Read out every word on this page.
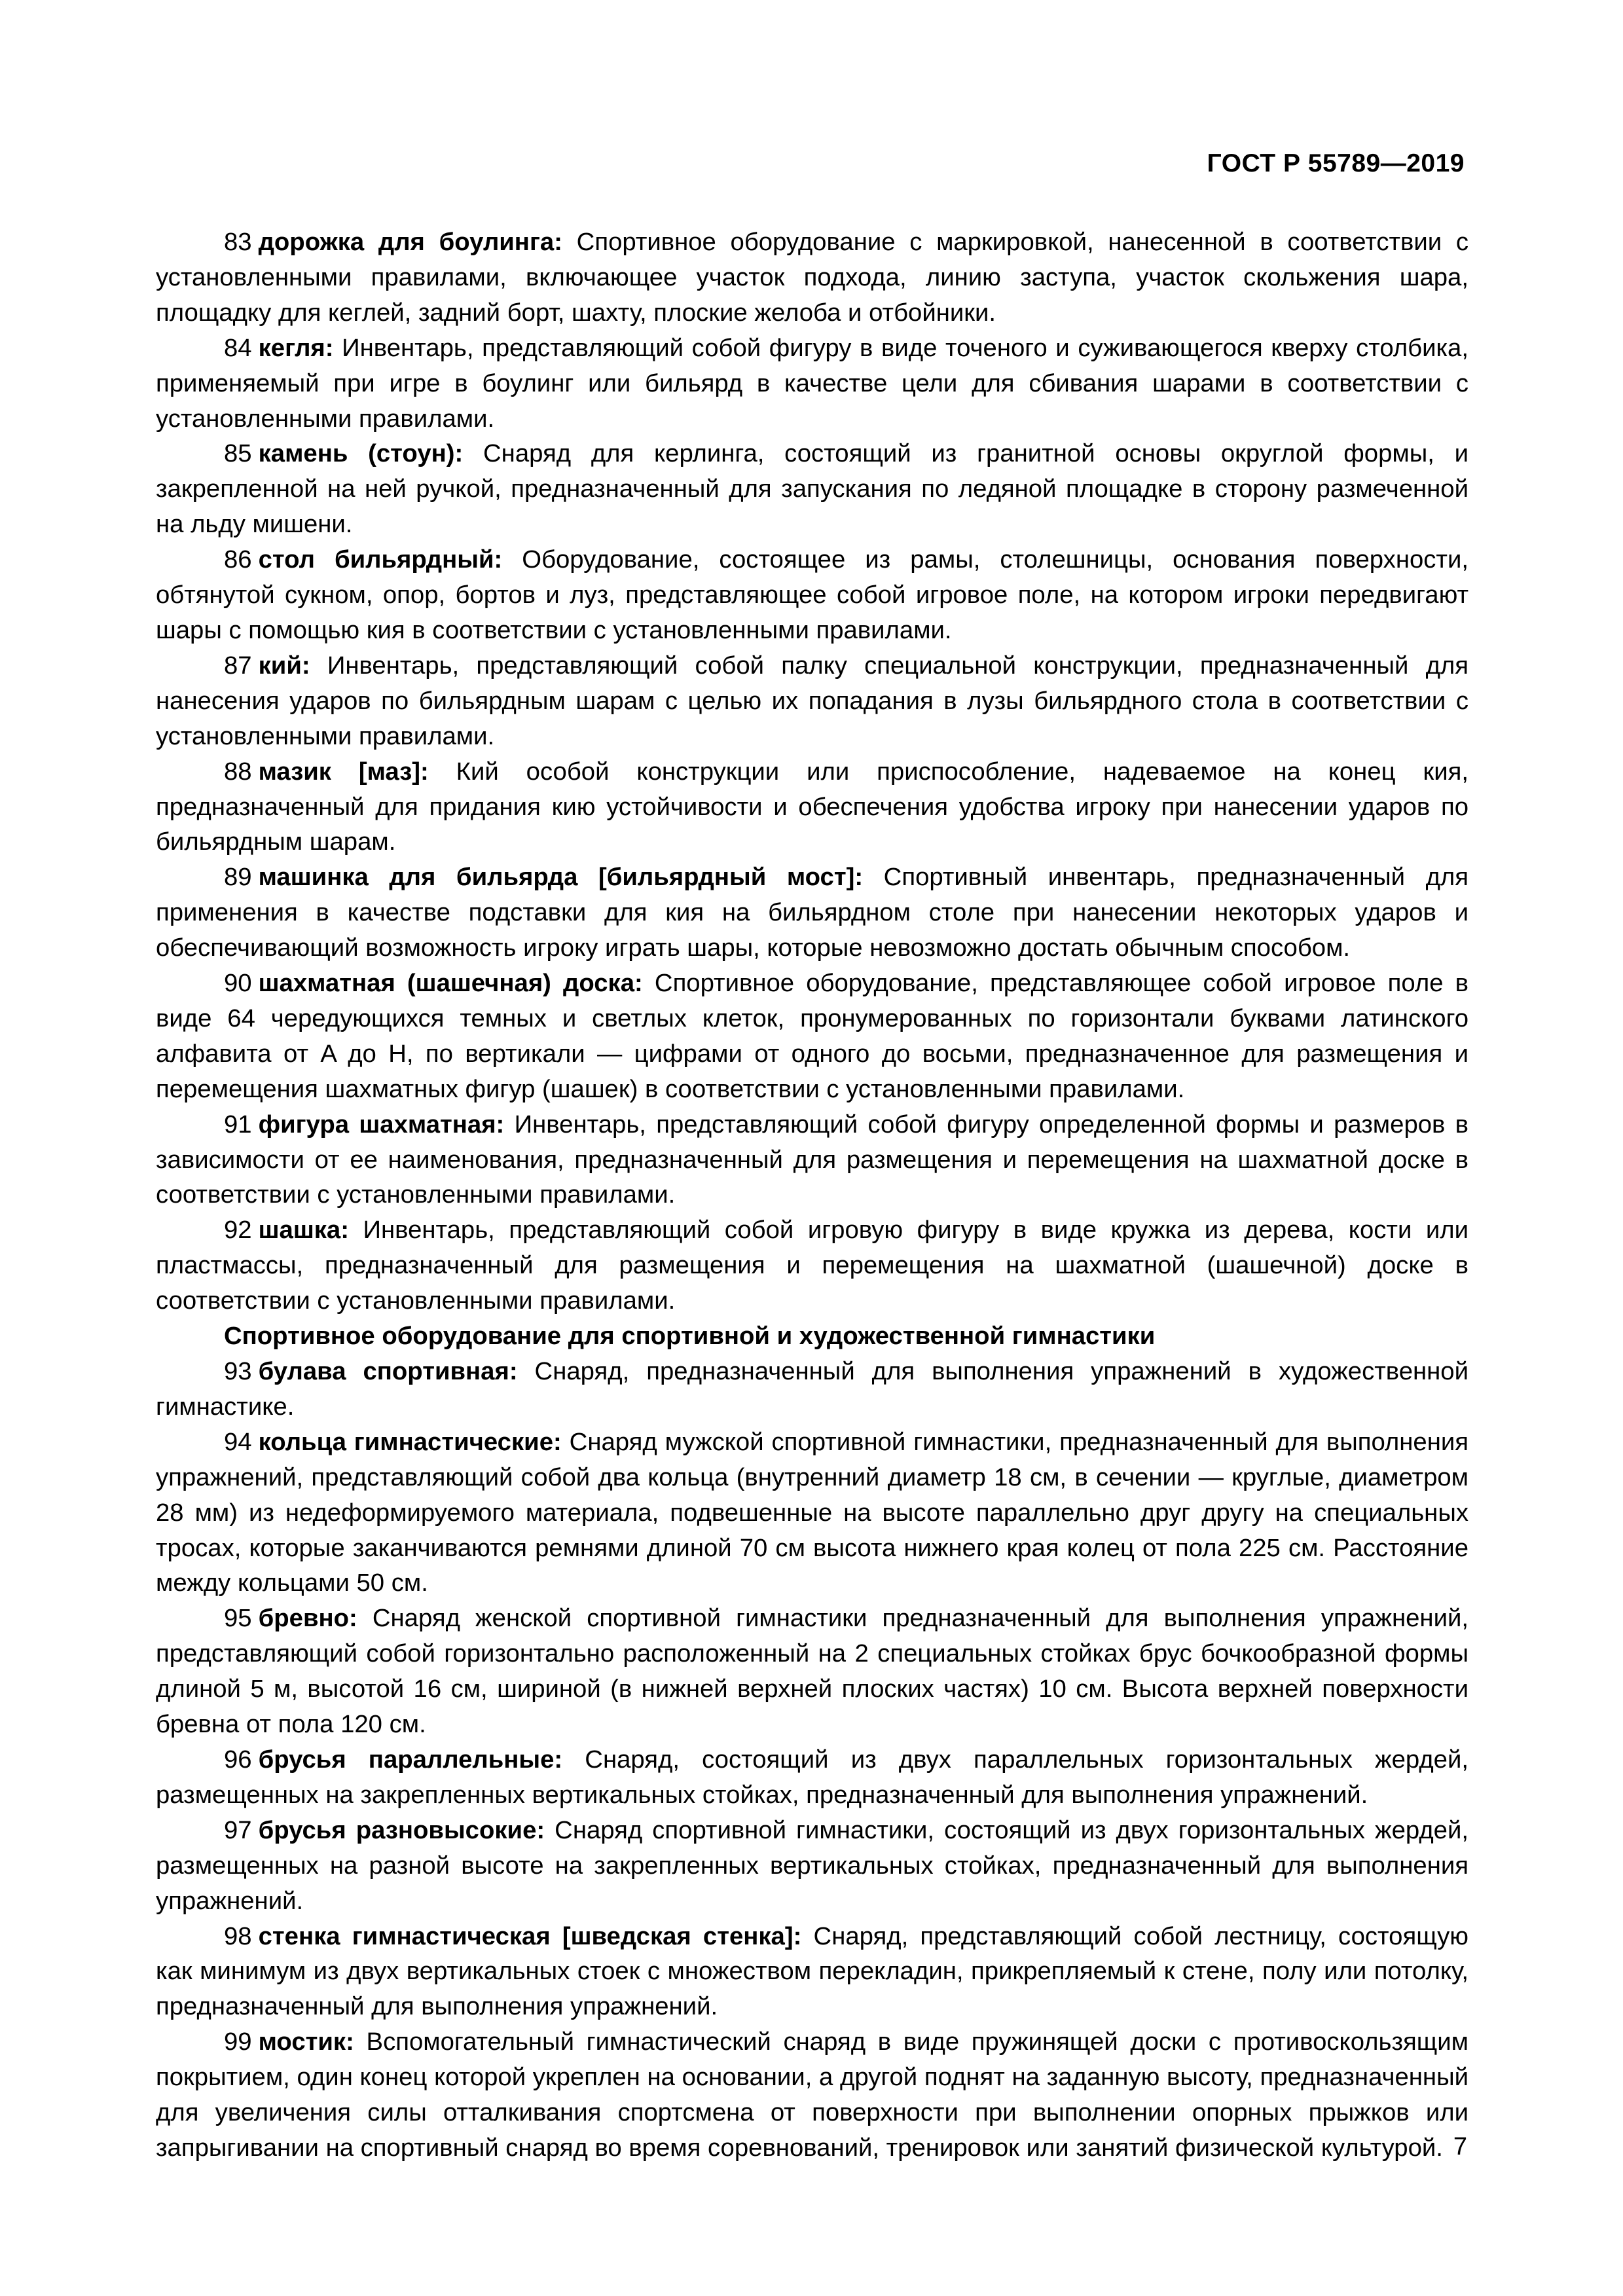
ГОСТ Р 55789—2019

83 дорожка для боулинга: Спортивное оборудование с маркировкой, нанесенной в соответствии с установленными правилами, включающее участок подхода, линию заступа, участок скольжения шара, площадку для кеглей, задний борт, шахту, плоские желоба и отбойники.

84 кегля: Инвентарь, представляющий собой фигуру в виде точеного и суживающегося кверху столбика, применяемый при игре в боулинг или бильярд в качестве цели для сбивания шарами в соответствии с установленными правилами.

85 камень (стоун): Снаряд для керлинга, состоящий из гранитной основы округлой формы, и закрепленной на ней ручкой, предназначенный для запускания по ледяной площадке в сторону размеченной на льду мишени.

86 стол бильярдный: Оборудование, состоящее из рамы, столешницы, основания поверхности, обтянутой сукном, опор, бортов и луз, представляющее собой игровое поле, на котором игроки передвигают шары с помощью кия в соответствии с установленными правилами.

87 кий: Инвентарь, представляющий собой палку специальной конструкции, предназначенный для нанесения ударов по бильярдным шарам с целью их попадания в лузы бильярдного стола в соответствии с установленными правилами.

88 мазик [маз]: Кий особой конструкции или приспособление, надеваемое на конец кия, предназначенный для придания кию устойчивости и обеспечения удобства игроку при нанесении ударов по бильярдным шарам.

89 машинка для бильярда [бильярдный мост]: Спортивный инвентарь, предназначенный для применения в качестве подставки для кия на бильярдном столе при нанесении некоторых ударов и обеспечивающий возможность игроку играть шары, которые невозможно достать обычным способом.

90 шахматная (шашечная) доска: Спортивное оборудование, представляющее собой игровое поле в виде 64 чередующихся темных и светлых клеток, пронумерованных по горизонтали буквами латинского алфавита от A до H, по вертикали — цифрами от одного до восьми, предназначенное для размещения и перемещения шахматных фигур (шашек) в соответствии с установленными правилами.

91 фигура шахматная: Инвентарь, представляющий собой фигуру определенной формы и размеров в зависимости от ее наименования, предназначенный для размещения и перемещения на шахматной доске в соответствии с установленными правилами.

92 шашка: Инвентарь, представляющий собой игровую фигуру в виде кружка из дерева, кости или пластмассы, предназначенный для размещения и перемещения на шахматной (шашечной) доске в соответствии с установленными правилами.

Спортивное оборудование для спортивной и художественной гимнастики

93 булава спортивная: Снаряд, предназначенный для выполнения упражнений в художественной гимнастике.

94 кольца гимнастические: Снаряд мужской спортивной гимнастики, предназначенный для выполнения упражнений, представляющий собой два кольца (внутренний диаметр 18 см, в сечении — круглые, диаметром 28 мм) из недеформируемого материала, подвешенные на высоте параллельно друг другу на специальных тросах, которые заканчиваются ремнями длиной 70 см высота нижнего края колец от пола 225 см. Расстояние между кольцами 50 см.

95 бревно: Снаряд женской спортивной гимнастики предназначенный для выполнения упражнений, представляющий собой горизонтально расположенный на 2 специальных стойках брус бочкообразной формы длиной 5 м, высотой 16 см, шириной (в нижней верхней плоских частях) 10 см. Высота верхней поверхности бревна от пола 120 см.

96 брусья параллельные: Снаряд, состоящий из двух параллельных горизонтальных жердей, размещенных на закрепленных вертикальных стойках, предназначенный для выполнения упражнений.

97 брусья разновысокие: Снаряд спортивной гимнастики, состоящий из двух горизонтальных жердей, размещенных на разной высоте на закрепленных вертикальных стойках, предназначенный для выполнения упражнений.

98 стенка гимнастическая [шведская стенка]: Снаряд, представляющий собой лестницу, состоящую как минимум из двух вертикальных стоек с множеством перекладин, прикрепляемый к стене, полу или потолку, предназначенный для выполнения упражнений.

99 мостик: Вспомогательный гимнастический снаряд в виде пружинящей доски с противоскользящим покрытием, один конец которой укреплен на основании, а другой поднят на заданную высоту, предназначенный для увеличения силы отталкивания спортсмена от поверхности при выполнении опорных прыжков или запрыгивании на спортивный снаряд во время соревнований, тренировок или занятий физической культурой. 7
